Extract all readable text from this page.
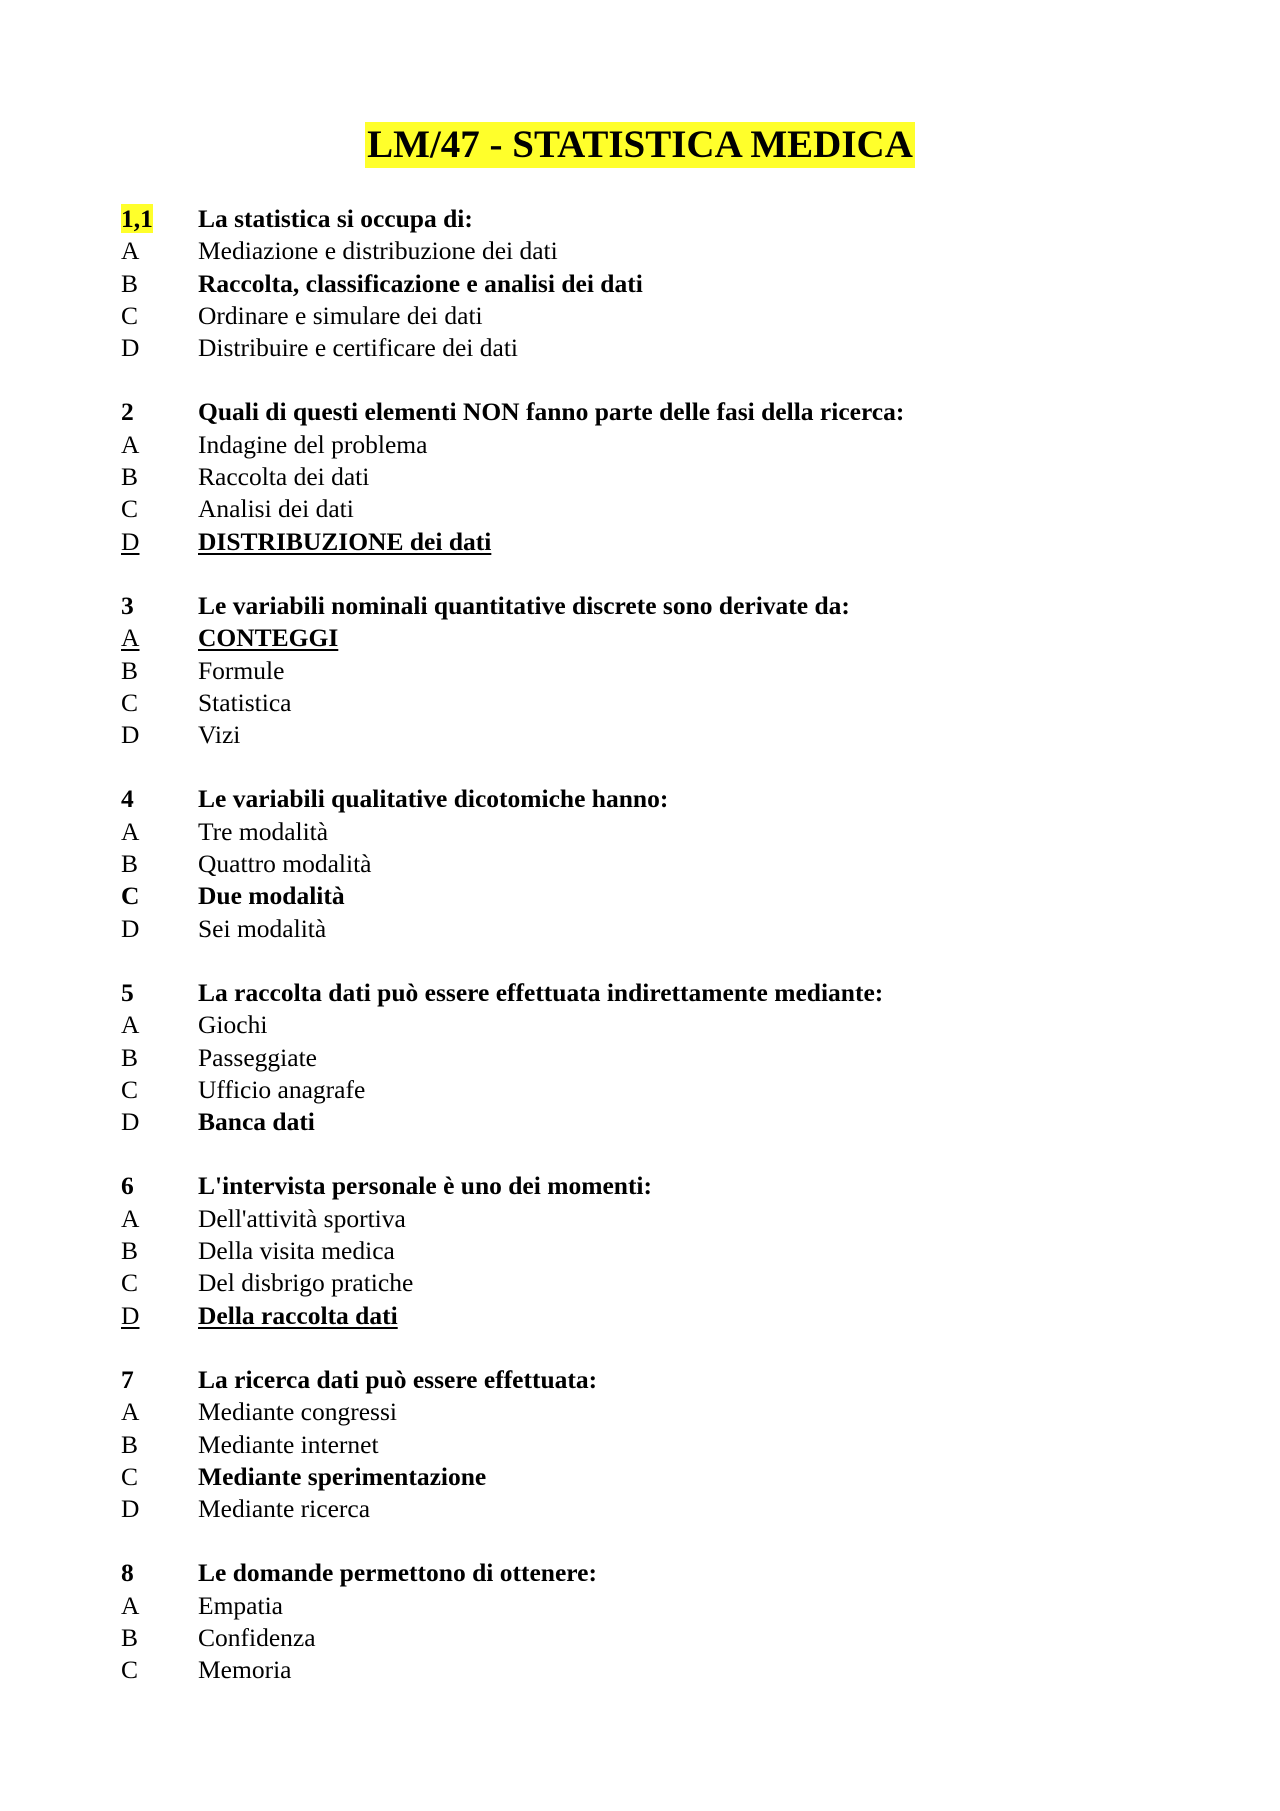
LM/47 - STATISTICA MEDICA
1,1	La statistica si occupa di:
A	Mediazione e distribuzione dei dati
B	Raccolta, classificazione e analisi dei dati
C	Ordinare e simulare dei dati
D	Distribuire e certificare dei dati
2	Quali di questi elementi NON fanno parte delle fasi della ricerca:
A	Indagine del problema
B	Raccolta dei dati
C	Analisi dei dati
D	DISTRIBUZIONE dei dati
3	Le variabili nominali quantitative discrete sono derivate da:
A	CONTEGGI
B	Formule
C	Statistica
D	Vizi
4	Le variabili qualitative dicotomiche hanno:
A	Tre modalità
B	Quattro modalità
C	Due modalità
D	Sei modalità
5	La raccolta dati può essere effettuata indirettamente mediante:
A	Giochi
B	Passeggiate
C	Ufficio anagrafe
D	Banca dati
6	L'intervista personale è uno dei momenti:
A	Dell'attività sportiva
B	Della visita medica
C	Del disbrigo pratiche
D	Della raccolta dati
7	La ricerca dati può essere effettuata:
A	Mediante congressi
B	Mediante internet
C	Mediante sperimentazione
D	Mediante ricerca
8	Le domande permettono di ottenere:
A	Empatia
B	Confidenza
C	Memoria
